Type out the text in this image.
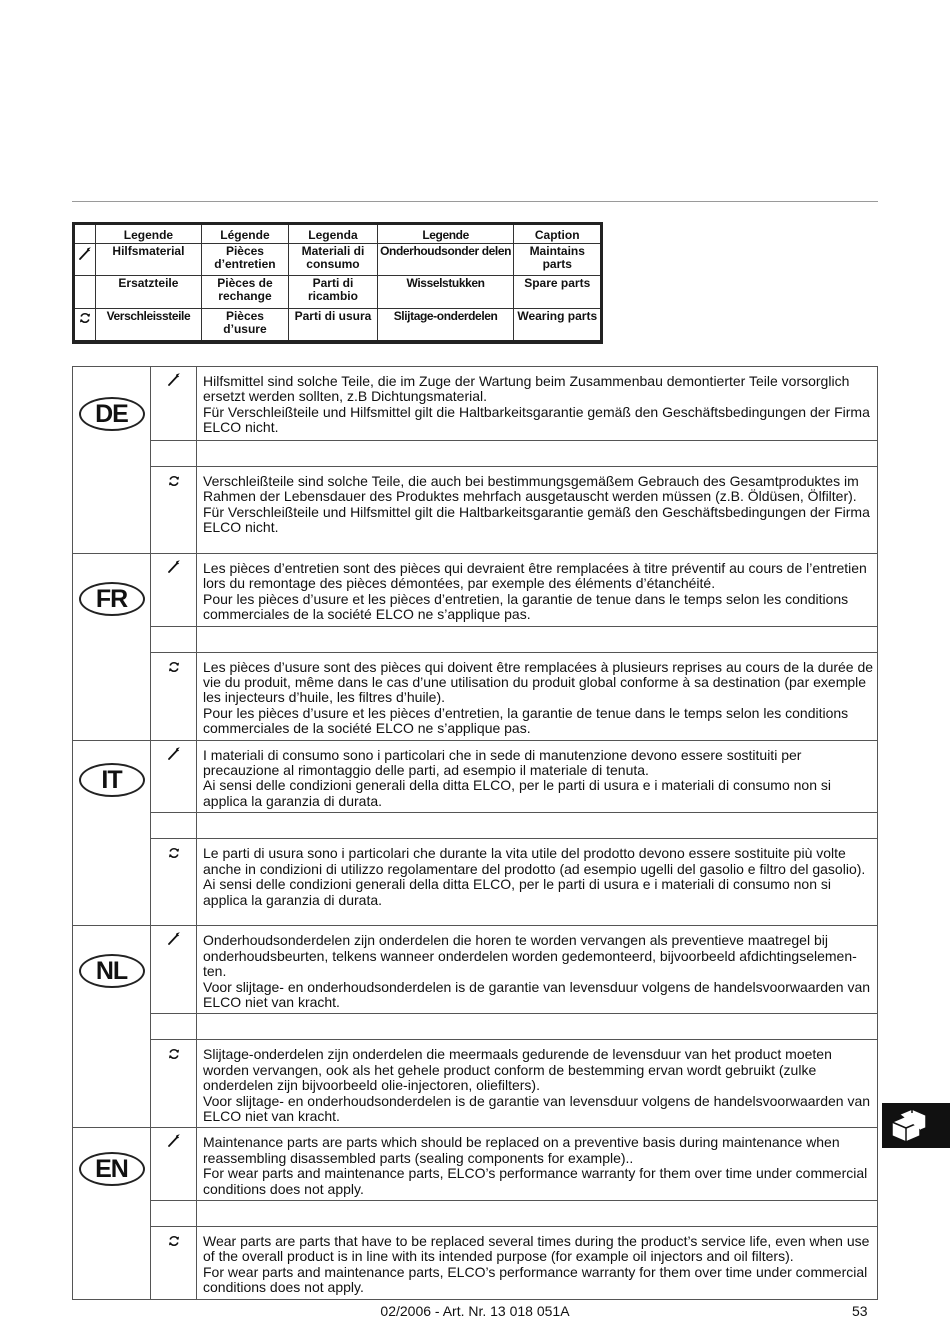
	Legende	Légende	Legenda	Legende	Caption

	Hilfsmaterial	Pièces d’entretien	Materiali di consumo	Onderhoudsonder delen	Maintains parts
	Ersatzteile	Pièces de rechange	Parti di ricambio	Wisselstukken	Spare parts

	Verschleissteile	Pièces d’usure	Parti di usura	Slijtage-onderdelen	Wearing parts
DE		Hilfsmittel sind solche Teile, die im Zuge der Wartung beim Zusammenbau demontierter Teile vorsorglich ersetzt werden sollten, z.B Dichtungsmaterial.
Für Verschleißteile und Hilfsmittel gilt die Haltbarkeitsgarantie gemäß den Geschäftsbedingungen der Firma ELCO nicht.

	Verschleißteile sind solche Teile, die auch bei bestimmungsgemäßem Gebrauch des Gesamtproduktes im Rahmen der Lebensdauer des Produktes mehrfach ausgetauscht werden müssen (z.B. Öldüsen, Ölfilter).
Für Verschleißteile und Hilfsmittel gilt die Haltbarkeitsgarantie gemäß den Geschäftsbedingungen der Firma ELCO nicht.

FR		Les pièces d’entretien sont des pièces qui devraient être remplacées à titre préventif au cours de l’entretien lors du remontage des pièces démontées, par exemple des éléments d’étanchéité.
Pour les pièces d’usure et les pièces d’entretien, la garantie de tenue dans le temps selon les conditions commerciales de la société ELCO ne s’applique pas.

	Les pièces d’usure sont des pièces qui doivent être remplacées à plusieurs reprises au cours de la durée de vie du produit, même dans le cas d’une utilisation du produit global conforme à sa destination (par exemple les injecteurs d’huile, les filtres d’huile).
Pour les pièces d’usure et les pièces d’entretien, la garantie de tenue dans le temps selon les conditions commerciales de la société ELCO ne s’applique pas.

IT		I materiali di consumo sono i particolari che in sede di manutenzione devono essere sostituiti per precauzione al rimontaggio delle parti, ad esempio il materiale di tenuta.
Ai sensi delle condizioni generali della ditta ELCO, per le parti di usura e i materiali di consumo non si applica la garanzia di durata.

	Le parti di usura sono i particolari che durante la vita utile del prodotto devono essere sostituite più volte anche in condizioni di utilizzo regolamentare del prodotto (ad esempio ugelli del gasolio e filtro del gasolio).
Ai sensi delle condizioni generali della ditta ELCO, per le parti di usura e i materiali di consumo non si applica la garanzia di durata.

NL		Onderhoudsonderdelen zijn onderdelen die horen te worden vervangen als preventieve maatregel bij onderhoudsbeurten, telkens wanneer onderdelen worden gedemonteerd, bijvoorbeeld afdichtingselemen-ten.
Voor slijtage- en onderhoudsonderdelen is de garantie van levensduur volgens de handelsvoorwaarden van ELCO niet van kracht.

	Slijtage-onderdelen zijn onderdelen die meermaals gedurende de levensduur van het product moeten worden vervangen, ook als het gehele product conform de bestemming ervan wordt gebruikt (zulke onderdelen zijn bijvoorbeeld olie-injectoren, oliefilters).
Voor slijtage- en onderhoudsonderdelen is de garantie van levensduur volgens de handelsvoorwaarden van ELCO niet van kracht.

EN		Maintenance parts are parts which should be replaced on a preventive basis during maintenance when reassembling disassembled parts (sealing components for example)..
For wear parts and maintenance parts, ELCO’s performance warranty for them over time under commercial conditions does not apply.

	Wear parts are parts that have to be replaced several times during the product’s service life, even when use of the overall product is in line with its intended purpose (for example oil injectors and oil filters).
For wear parts and maintenance parts, ELCO’s performance warranty for them over time under commercial conditions does not apply.
02/2006 - Art. Nr. 13 018 051A	53
